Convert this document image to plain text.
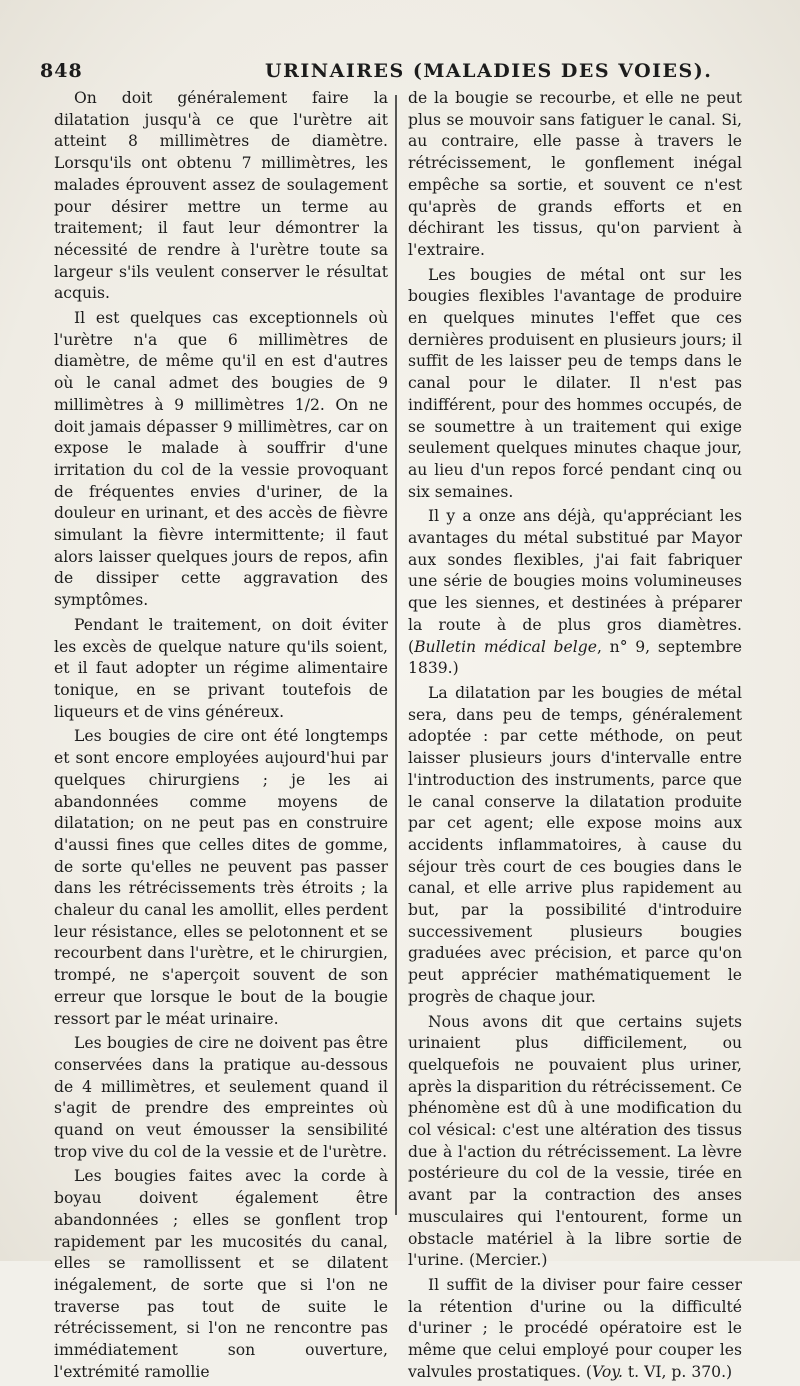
848	URINAIRES (MALADIES DES VOIES).

On doit généralement faire la dilatation jusqu'à ce que l'urètre ait atteint 8 millimètres de diamètre. Lorsqu'ils ont obtenu 7 millimètres, les malades éprouvent assez de soulagement pour désirer mettre un terme au traitement; il faut leur démontrer la nécessité de rendre à l'urètre toute sa largeur s'ils veulent conserver le résultat acquis.

Il est quelques cas exceptionnels où l'urètre n'a que 6 millimètres de diamètre, de même qu'il en est d'autres où le canal admet des bougies de 9 millimètres à 9 millimètres 1/2. On ne doit jamais dépasser 9 millimètres, car on expose le malade à souffrir d'une irritation du col de la vessie provoquant de fréquentes envies d'uriner, de la douleur en urinant, et des accès de fièvre simulant la fièvre intermittente; il faut alors laisser quelques jours de repos, afin de dissiper cette aggravation des symptômes.

Pendant le traitement, on doit éviter les excès de quelque nature qu'ils soient, et il faut adopter un régime alimentaire tonique, en se privant toutefois de liqueurs et de vins généreux.

Les bougies de cire ont été longtemps et sont encore employées aujourd'hui par quelques chirurgiens ; je les ai abandonnées comme moyens de dilatation; on ne peut pas en construire d'aussi fines que celles dites de gomme, de sorte qu'elles ne peuvent pas passer dans les rétrécissements très étroits ; la chaleur du canal les amollit, elles perdent leur résistance, elles se pelotonnent et se recourbent dans l'urètre, et le chirurgien, trompé, ne s'aperçoit souvent de son erreur que lorsque le bout de la bougie ressort par le méat urinaire.

Les bougies de cire ne doivent pas être conservées dans la pratique au-dessous de 4 millimètres, et seulement quand il s'agit de prendre des empreintes où quand on veut émousser la sensibilité trop vive du col de la vessie et de l'urètre.

Les bougies faites avec la corde à boyau doivent également être abandonnées ; elles se gonflent trop rapidement par les mucosités du canal, elles se ramollissent et se dilatent inégalement, de sorte que si l'on ne traverse pas tout de suite le rétrécissement, si l'on ne rencontre pas immédiatement son ouverture, l'extrémité ramollie

de la bougie se recourbe, et elle ne peut plus se mouvoir sans fatiguer le canal. Si, au contraire, elle passe à travers le rétrécissement, le gonflement inégal empêche sa sortie, et souvent ce n'est qu'après de grands efforts et en déchirant les tissus, qu'on parvient à l'extraire.

Les bougies de métal ont sur les bougies flexibles l'avantage de produire en quelques minutes l'effet que ces dernières produisent en plusieurs jours; il suffit de les laisser peu de temps dans le canal pour le dilater. Il n'est pas indifférent, pour des hommes occupés, de se soumettre à un traitement qui exige seulement quelques minutes chaque jour, au lieu d'un repos forcé pendant cinq ou six semaines.

Il y a onze ans déjà, qu'appréciant les avantages du métal substitué par Mayor aux sondes flexibles, j'ai fait fabriquer une série de bougies moins volumineuses que les siennes, et destinées à préparer la route à de plus gros diamètres. (Bulletin médical belge, n° 9, septembre 1839.)

La dilatation par les bougies de métal sera, dans peu de temps, généralement adoptée : par cette méthode, on peut laisser plusieurs jours d'intervalle entre l'introduction des instruments, parce que le canal conserve la dilatation produite par cet agent; elle expose moins aux accidents inflammatoires, à cause du séjour très court de ces bougies dans le canal, et elle arrive plus rapidement au but, par la possibilité d'introduire successivement plusieurs bougies graduées avec précision, et parce qu'on peut apprécier mathématiquement le progrès de chaque jour.

Nous avons dit que certains sujets urinaient plus difficilement, ou quelquefois ne pouvaient plus uriner, après la disparition du rétrécissement. Ce phénomène est dû à une modification du col vésical: c'est une altération des tissus due à l'action du rétrécissement. La lèvre postérieure du col de la vessie, tirée en avant par la contraction des anses musculaires qui l'entourent, forme un obstacle matériel à la libre sortie de l'urine. (Mercier.)

Il suffit de la diviser pour faire cesser la rétention d'urine ou la difficulté d'uriner ; le procédé opératoire est le même que celui employé pour couper les valvules prostatiques. (Voy. t. VI, p. 370.)
